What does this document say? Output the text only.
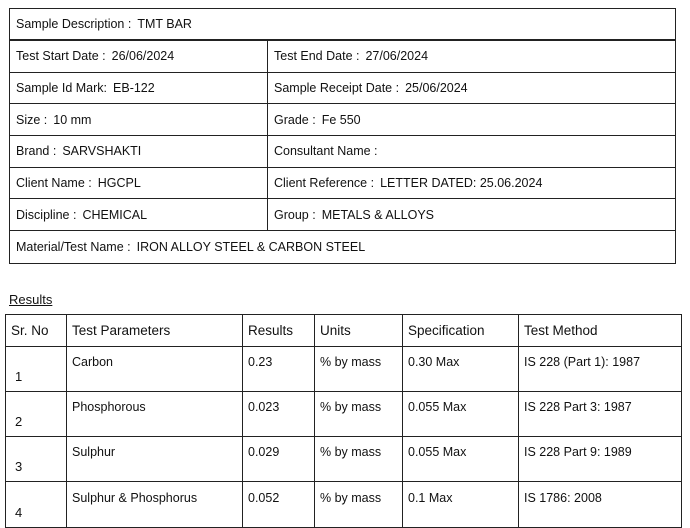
Sample Description : TMT BAR
Test Start Date : 26/06/2024	Test End Date : 27/06/2024
Sample Id Mark: EB-122	Sample Receipt Date : 25/06/2024
Size : 10 mm	Grade : Fe 550
Brand : SARVSHAKTI	Consultant Name :
Client Name : HGCPL	Client Reference : LETTER DATED: 25.06.2024
Discipline : CHEMICAL	Group : METALS & ALLOYS
Material/Test Name : IRON ALLOY STEEL & CARBON STEEL
Results
Sr. No	Test Parameters	Results	Units	Specification	Test Method
1	Carbon	0.23	% by mass	0.30 Max	IS 228 (Part 1): 1987
2	Phosphorous	0.023	% by mass	0.055 Max	IS 228 Part 3: 1987
3	Sulphur	0.029	% by mass	0.055 Max	IS 228 Part 9: 1989
4	Sulphur & Phosphorus	0.052	% by mass	0.1 Max	IS 1786: 2008
